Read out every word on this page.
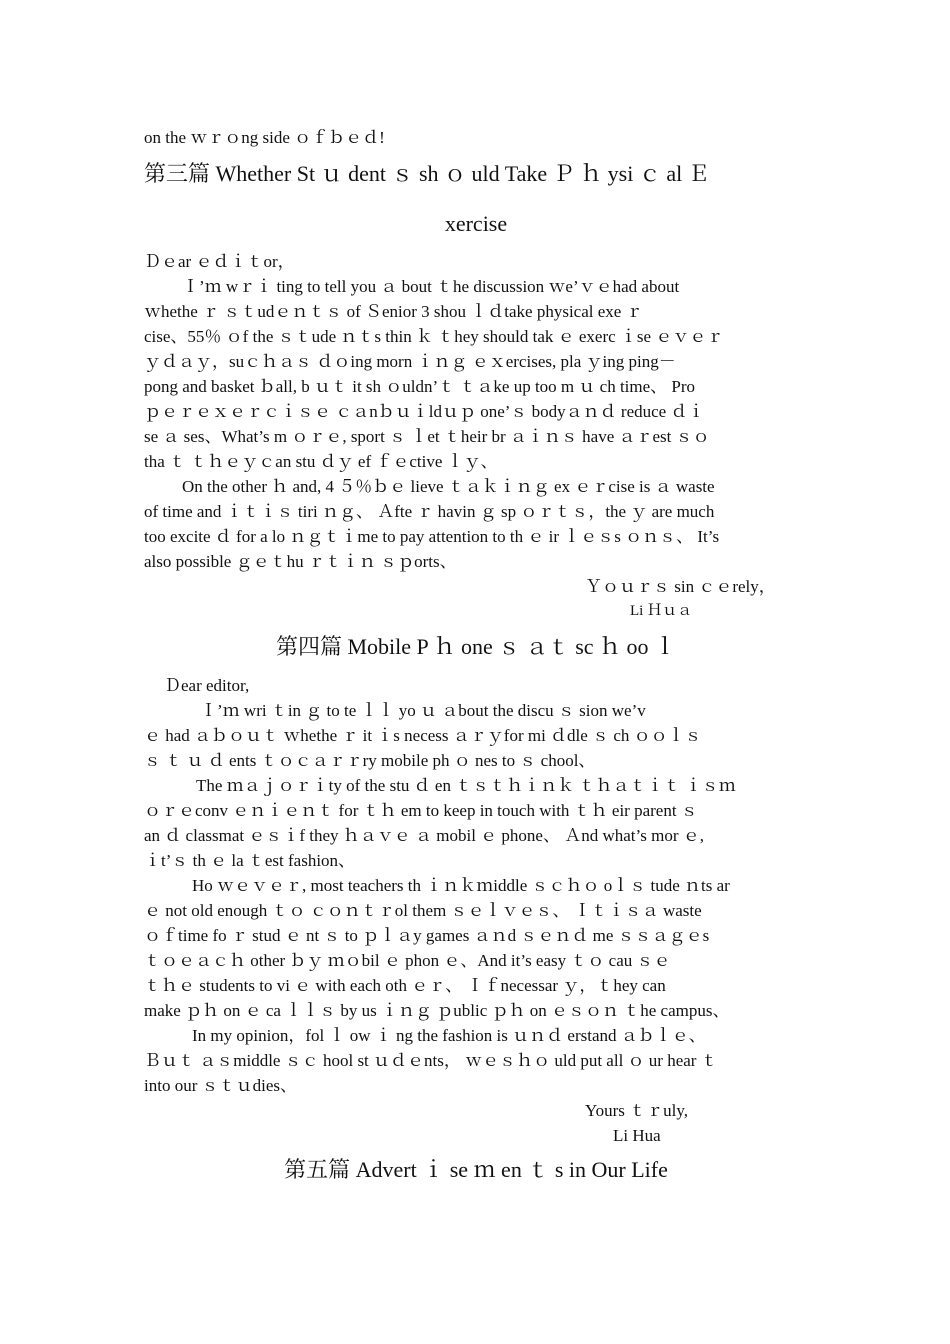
on the ｗｒｏng side ｏｆｂｅｄ!
第三篇 Whether St ｕ dent ｓ sh ｏ uld Take Ｐ ｈ ysi ｃ al Ｅ
xercise
Ｄｅar ｅｄｉｔor，
Ｉ’ｍ wｒｉ ting to tell you ａ bout ｔhe discussion ｗe’ｖｅhad about
ｗhethe ｒ ｓｔudｅｎｔｓ of Ｓenior 3 shou ｌｄtake physical exe ｒ
cise、55％ ｏf the ｓｔude ｎｔs thin ｋ ｔhey should tak ｅ exerc ｉse ｅｖｅｒ
ｙｄａｙ，suｃｈａｓ ｄｏing morn ｉｎｇ ｅｘercises, pla ｙing ping－
pong and basket ｂall, b ｕｔ it sh ｏuldn’ｔ ｔａke up too m ｕ ch time、 Pro
ｐｅｒｅｘｅｒｃｉｓｅ ｃａnｂｕｉldｕｐ one’ｓ bodyａｎｄ reduce ｄｉ
se ａ ses、What’s m ｏｒｅ, sport ｓ ｌet ｔheir br ａｉｎｓ have ａｒest ｓｏ
tha ｔ ｔｈｅｙｃan stu ｄｙ ef ｆｅctive ｌｙ、
On the other ｈ and, 4 ５％ｂｅ lieve ｔａｋｉｎｇ ex ｅｒcise is ａ waste
of time and ｉｔｉｓ tiri ｎｇ、 Ａfte ｒ havin ｇ sp ｏｒｔｓ，the ｙ are much
too excite ｄ for a lo ｎｇｔｉme to pay attention to th ｅ ir ｌｅｓs ｏｎｓ、 It’s
also possible ｇｅｔhu ｒｔｉｎ ｓｐorts、
Ｙｏｕｒｓ sin ｃｅrely，
Li Ｈｕａ
第四篇 Mobile P ｈ one ｓ ａｔ sc ｈ oo ｌ
Ｄear editor,
Ｉ’ｍ wri ｔin ｇ to te ｌｌ yo ｕ ａbout the discu ｓ sion we’v
ｅ had ａｂｏｕｔ ｗhethe ｒ it ｉs necess ａｒｙfor mi ｄdle ｓ ch ｏｏｌｓ
ｓ ｔ ｕ ｄ ents ｔｏｃａｒｒry mobile ph ｏ nes to ｓ chool、
The ｍａｊｏｒｉty of the stu ｄ en ｔｓｔｈｉｎｋ ｔｈａｔｉｔ ｉｓｍ
ｏｒｅconv ｅｎｉｅｎｔ for ｔｈ em to keep in touch with ｔｈ eir parent ｓ
an ｄ classmat ｅｓｉf they ｈａｖｅ ａ mobil ｅ phone、 Ａnd what’s mor ｅ,
ｉt’ｓ th ｅ la ｔest fashion、
Ho ｗｅｖｅｒ, most teachers th ｉｎｋｍiddle ｓｃｈｏ oｌｓ tude ｎts ar
ｅ not old enough ｔｏ ｃｏｎｔｒol them ｓｅｌｖｅｓ、 Ｉｔｉｓａ waste
ｏｆtime fo ｒ stud ｅ nt ｓ to ｐｌａy games ａｎd ｓｅｎｄ me ｓｓａｇｅs
ｔｏｅａｃｈ other ｂｙ ｍｏbil ｅ phon ｅ、And it’s easy ｔｏ cau ｓｅ
ｔｈｅ students to vi ｅ with each oth ｅｒ、 Ｉｆnecessar ｙ，ｔhey can
make ｐｈ on ｅ ca ｌｌｓ by us ｉｎｇ ｐublic ｐｈ on ｅｓｏｎ ｔhe campus、
In my opinion，fol ｌ ow ｉ ng the fashion is ｕｎｄ erstand ａｂｌｅ、
Ｂｕｔ ａｓmiddle ｓｃ hool st ｕｄｅnts， ｗｅｓｈｏ uld put all ｏ ur hear ｔ
into our ｓｔｕdies、
Yours ｔｒuly,
Li Hua
第五篇 Advert ｉ se ｍ en ｔ s in Our Life
